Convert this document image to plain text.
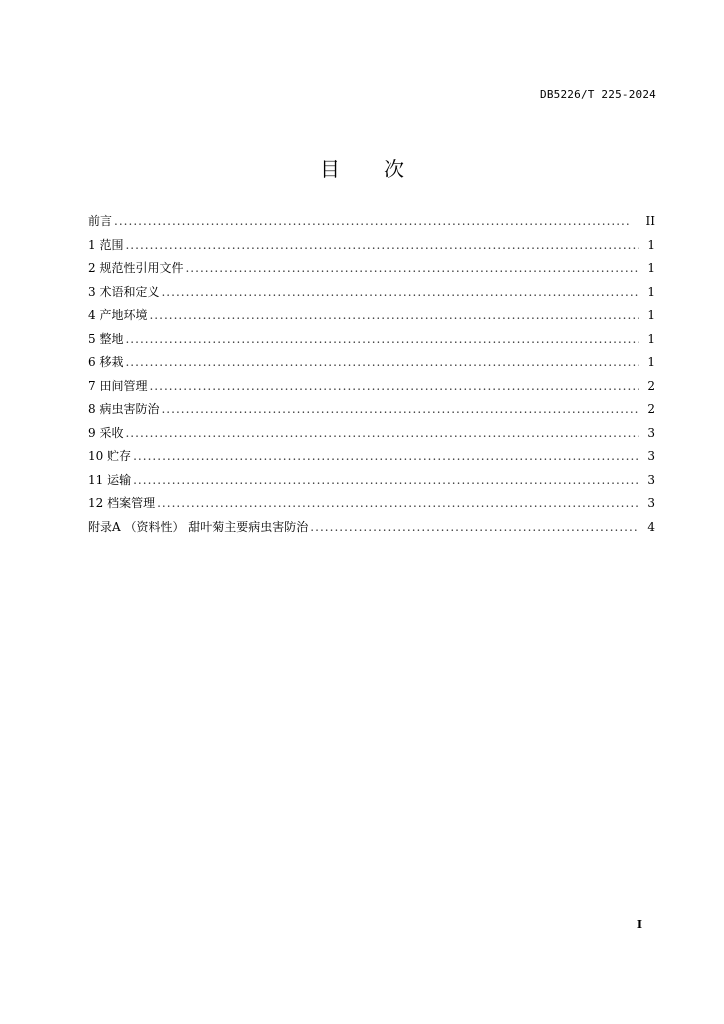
DB5226/T 225-2024
目 次
前言 . . .	II
1 范围 . . .	1
2 规范性引用文件 . . .	1
3 术语和定义 . . .	1
4 产地环境 . . .	1
5 整地 . . .	1
6 移栽 . . .	1
7 田间管理 . . .	2
8 病虫害防治 . . .	2
9 采收 . . .	3
10 贮存 . . .	3
11 运输 . . .	3
12 档案管理 . . .	3
附录A （资料性） 甜叶菊主要病虫害防治 . . .	4
I
